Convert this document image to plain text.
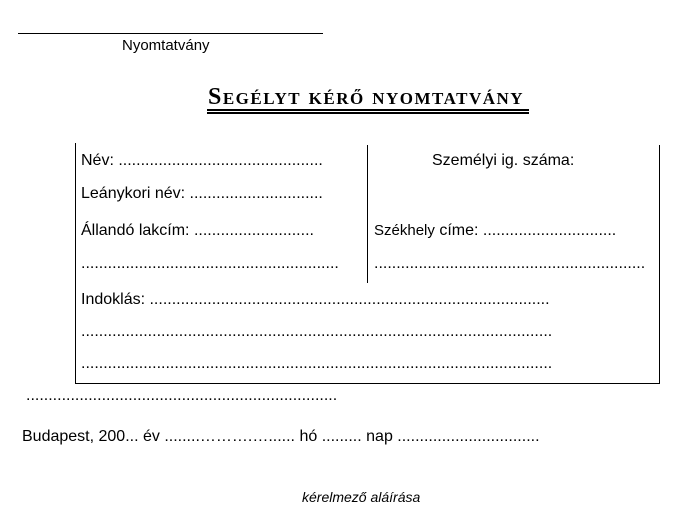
Nyomtatvány
Segélyt kérő nyomtatvány
Név: ..............................................
Leánykori név: ..............................
Állandó lakcím: ...........................
..........................................................
Személyi ig. száma:
Székhely címe: ..............................
.............................................................
Indoklás: ..........................................................................................
..........................................................................................................
..........................................................................................................
......................................................................
Budapest, 200... év ........……….…...... hó ......... nap ................................
kérelmező aláírása
